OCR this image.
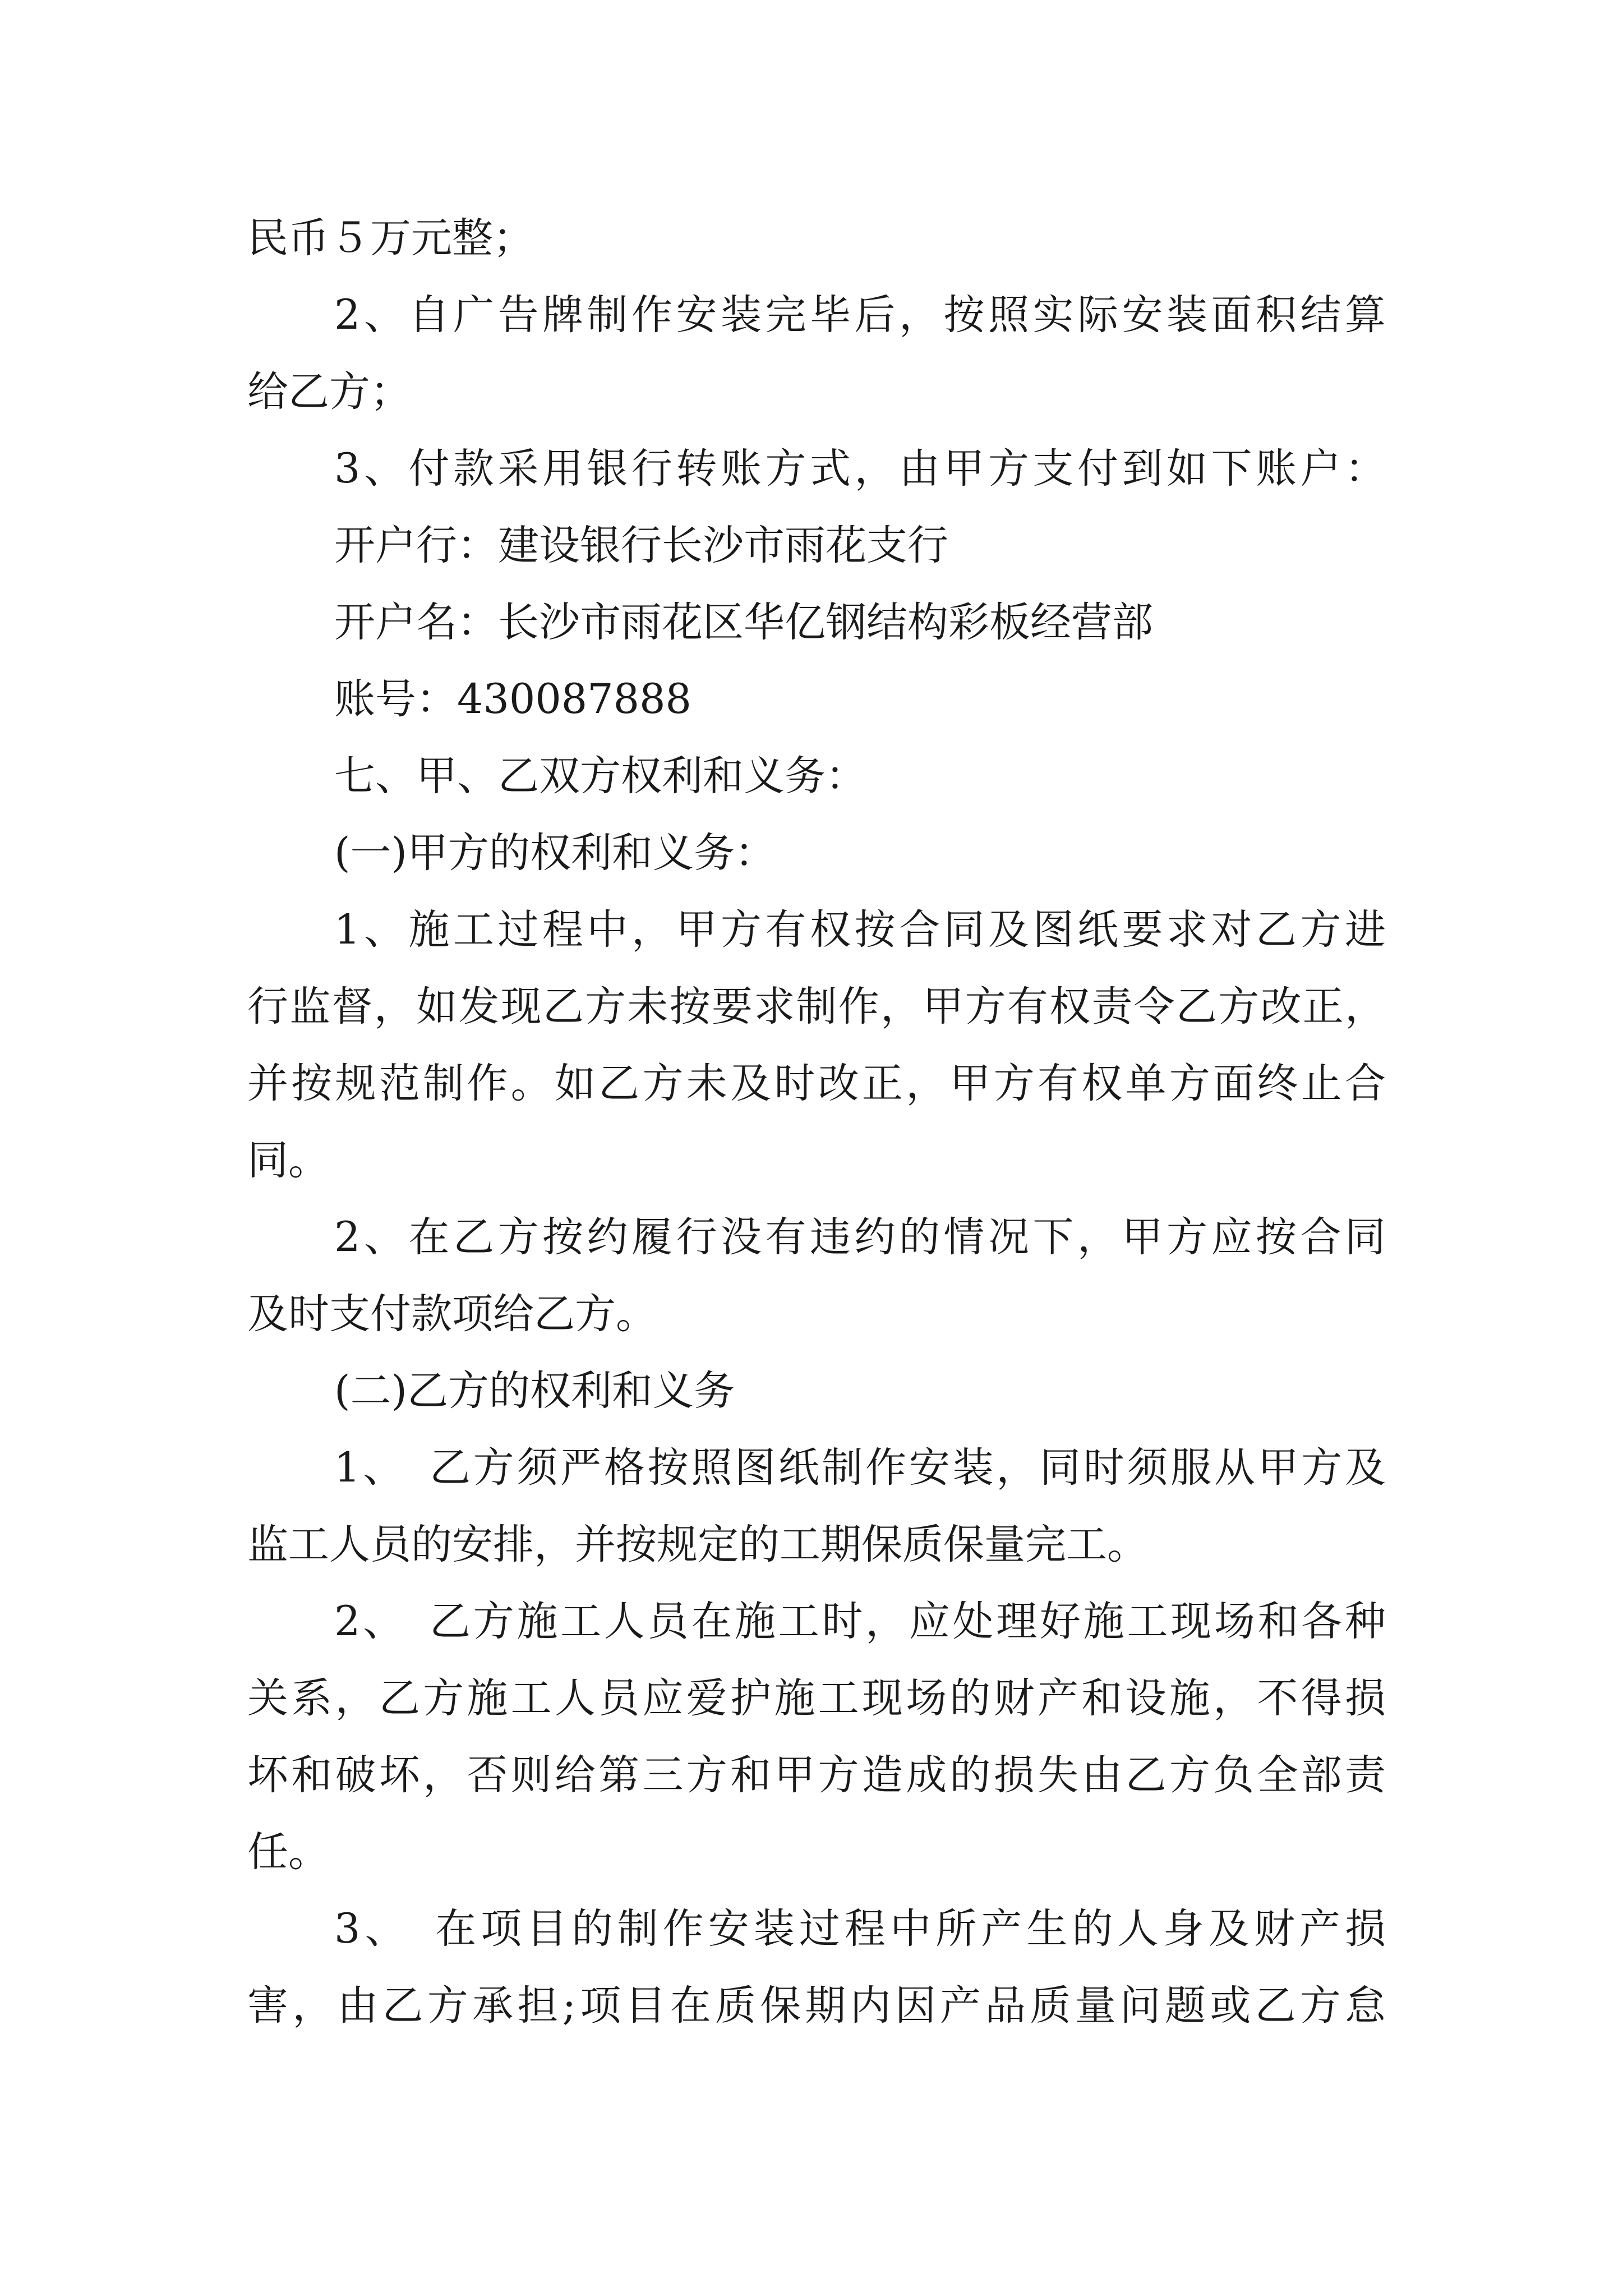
民币５万元整；
2、自广告牌制作安装完毕后，按照实际安装面积结算
给乙方；
3、付款采用银行转账方式，由甲方支付到如下账户：
开户行：建设银行长沙市雨花支行
开户名：长沙市雨花区华亿钢结构彩板经营部
账号：430087888
七、甲、乙双方权利和义务：
(一)甲方的权利和义务：
1、施工过程中，甲方有权按合同及图纸要求对乙方进
行监督，如发现乙方未按要求制作，甲方有权责令乙方改正，
并按规范制作。如乙方未及时改正，甲方有权单方面终止合
同。
2、在乙方按约履行没有违约的情况下，甲方应按合同
及时支付款项给乙方。
(二)乙方的权利和义务
1、　乙方须严格按照图纸制作安装，同时须服从甲方及
监工人员的安排，并按规定的工期保质保量完工。
2、　乙方施工人员在施工时，应处理好施工现场和各种
关系，乙方施工人员应爱护施工现场的财产和设施，不得损
坏和破坏，否则给第三方和甲方造成的损失由乙方负全部责
任。
3、　在项目的制作安装过程中所产生的人身及财产损
害，由乙方承担;项目在质保期内因产品质量问题或乙方怠
